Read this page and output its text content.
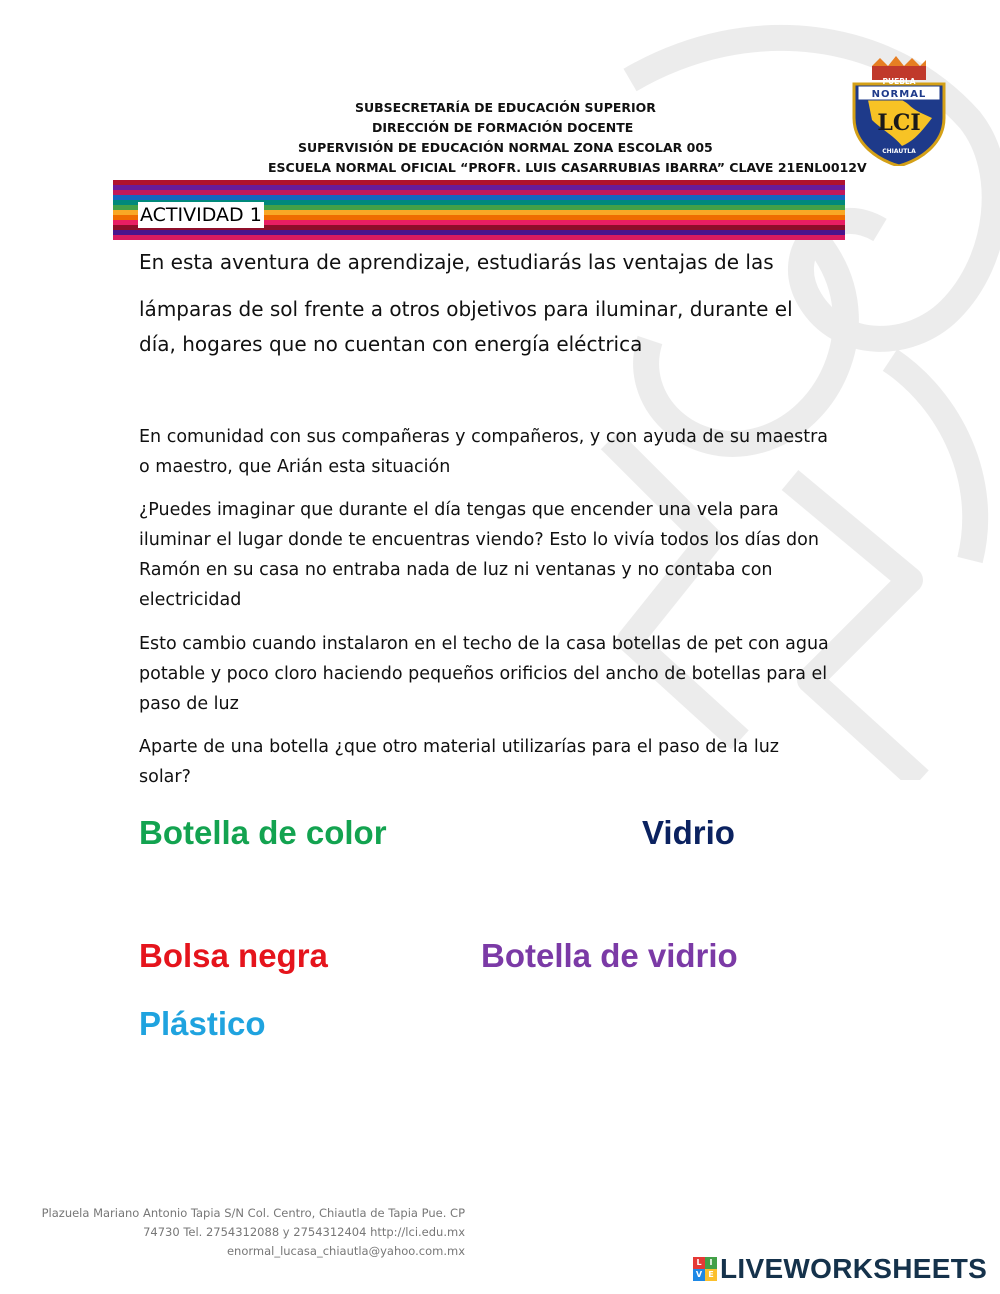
SUBSECRETARÍA DE EDUCACIÓN SUPERIOR
DIRECCIÓN DE FORMACIÓN DOCENTE
SUPERVISIÓN DE EDUCACIÓN NORMAL ZONA ESCOLAR 005
ESCUELA NORMAL OFICIAL “PROFR. LUIS CASARRUBIAS IBARRA” CLAVE 21ENL0012V
PUEBLA
NORMAL
LCI
CHIAUTLA
ACTIVIDAD 1
En esta aventura de aprendizaje, estudiarás las ventajas de las
lámparas de sol frente a otros objetivos para iluminar, durante el
día, hogares que no cuentan con energía eléctrica
En comunidad con sus compañeras y compañeros, y con ayuda de su maestra
o maestro, que Arián esta situación
¿Puedes imaginar que durante el día tengas que encender una vela para
iluminar el lugar donde te encuentras viendo? Esto lo vivía todos los días don
Ramón en su casa no entraba nada de luz ni ventanas y no contaba con
electricidad
Esto cambio cuando instalaron en el techo de la casa botellas de pet con agua
potable y poco cloro haciendo pequeños orificios del ancho de botellas para el
paso de luz
Aparte de una botella ¿que otro material utilizarías para el paso de la luz
solar?
Botella de color	Vidrio
Bolsa negra	Botella de vidrio
Plástico
Plazuela Mariano Antonio Tapia S/N Col. Centro, Chiautla de Tapia Pue. CP
74730 Tel. 2754312088 y 2754312404 http://lci.edu.mx
enormal_lucasa_chiautla@yahoo.com.mx
L I
V E LIVEWORKSHEETS
